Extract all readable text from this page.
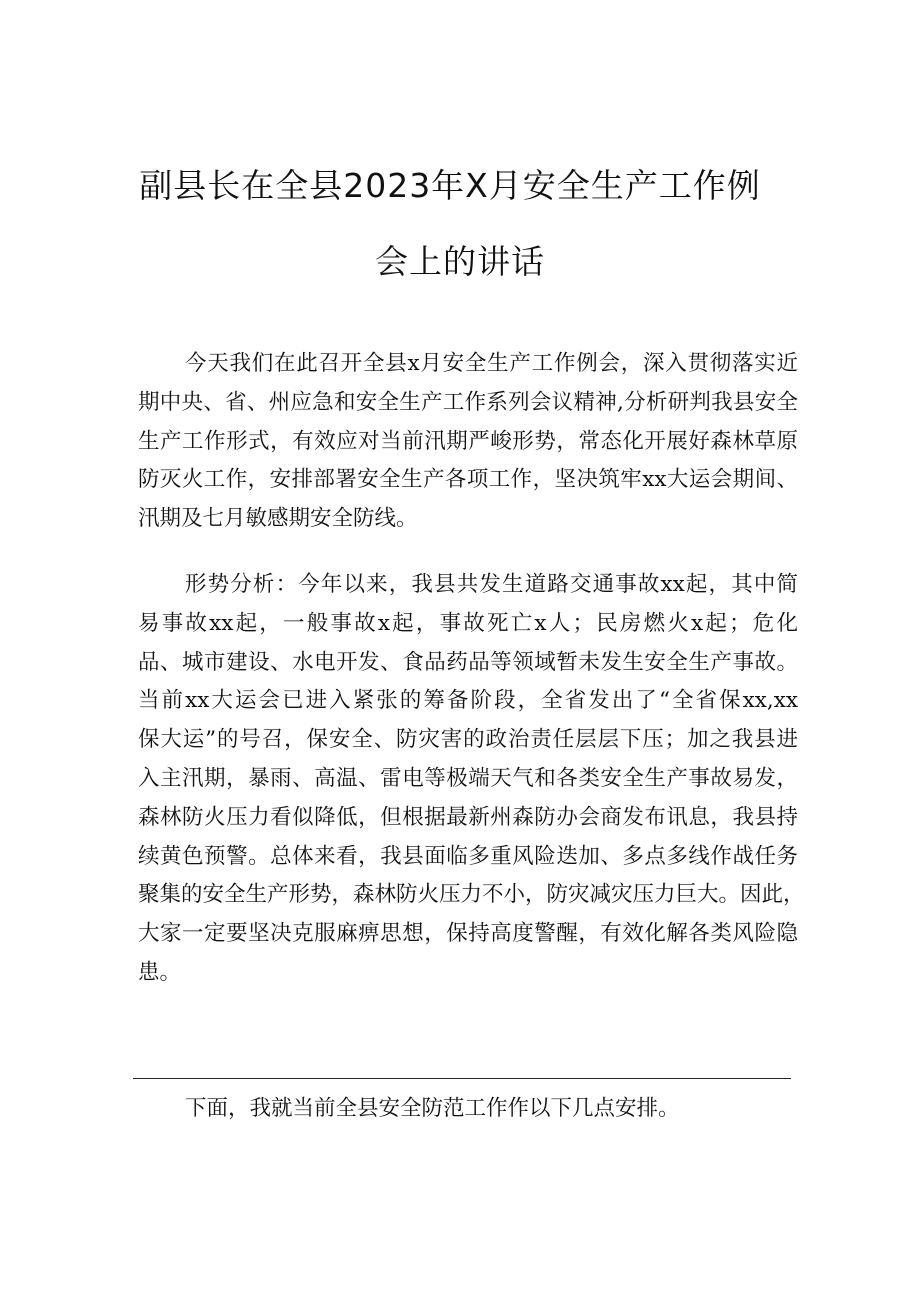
副县长在全县2023年X月安全生产工作例
会上的讲话
今天我们在此召开全县x月安全生产工作例会，深入贯彻落实近
期中央、省、州应急和安全生产工作系列会议精神,分析研判我县安全
生产工作形式，有效应对当前汛期严峻形势，常态化开展好森林草原
防灭火工作，安排部署安全生产各项工作，坚决筑牢xx大运会期间、
汛期及七月敏感期安全防线。
形势分析：今年以来，我县共发生道路交通事故xx起，其中简
易事故xx起，一般事故x起，事故死亡x人；民房燃火x起；危化
品、城市建设、水电开发、食品药品等领域暂未发生安全生产事故。
当前xx大运会已进入紧张的筹备阶段，全省发出了“全省保xx,xx
保大运”的号召，保安全、防灾害的政治责任层层下压；加之我县进
入主汛期，暴雨、高温、雷电等极端天气和各类安全生产事故易发，
森林防火压力看似降低，但根据最新州森防办会商发布讯息，我县持
续黄色预警。总体来看，我县面临多重风险迭加、多点多线作战任务
聚集的安全生产形势，森林防火压力不小，防灾减灾压力巨大。因此，
大家一定要坚决克服麻痹思想，保持高度警醒，有效化解各类风险隐
患。

下面，我就当前全县安全防范工作作以下几点安排。
